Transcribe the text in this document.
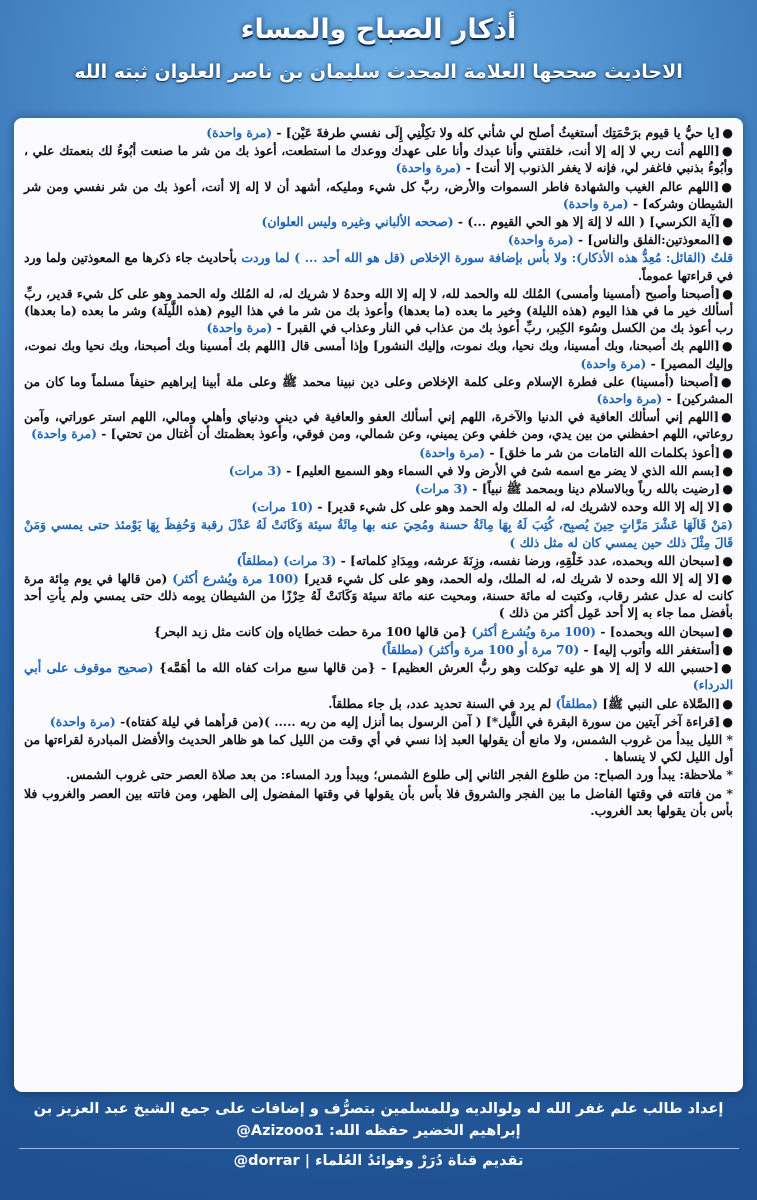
أذكار الصباح والمساء
الاحاديث صححها العلامة المحدث سليمان بن ناصر العلوان ثبته الله
●[يا حيُّ يا قيوم برَحْمَتِك أستغيثُ أصلح لي شأني كله ولا تكِلْنِي إِلَى نفسي طرفةَ عَيْن] - (مرة واحدة)
●[اللهم أنت ربي لا إله إلا أنت، خلقتني وأنا عبدك وأنا على عهدك ووعدك ما استطعت، أعوذ بك من شر ما صنعت أبُوءُ لك بنعمتك علي ، وأبُوءُ بذنبي فاغفر لي، فإنه لا يغفر الذنوب إلا أنت] - (مرة واحدة)
●[اللهم عالم الغيب والشهادة فاطر السموات والأرض، ربَّ كل شيء ومليكه، أشهد أن لا إله إلا أنت، أعوذ بك من شر نفسي ومن شر الشيطان وشركه] - (مرة واحدة)
●[آية الكرسي] ( الله لا إلهَ إلا هو الحي القيوم ...) - (صححه الألباني وغيره وليس العلوان)
●[المعوذتين:الفلق والناس] - (مرة واحدة)
قلتُ (القائل: مُعِدُّ هذه الأذكار): ولا بأس بإضافة سورة الإخلاص (قل هو الله أحد ... ) لما وردت بأحاديث جاء ذكرها مع المعوذتين ولما ورد في قراءتها عموماً.
●[أصبحنا وأصبح (أمسينا وأمسى) المُلك لله والحمد لله، لا إله إلا الله وحدهُ لا شريك له، له المُلك وله الحمد وهو على كل شيء قدير، ربِّ أسألك خير ما في هذا اليوم (هذه الليلة) وخير ما بعده (ما بعدها) وأعوذ بك من شر ما في هذا اليوم (هذه اللَّيلَة) وشر ما بعده (ما بعدها) رب أعوذ بك من الكسل وسُوء الكِبر، ربِّ أعوذ بك من عذاب في النار وعذاب في القبر] - (مرة واحدة)
●[اللهم بك أصبحنا، وبك أمسينا، وبك نحيا، وبك نموت، وإليك النشور] وإذا أمسى قال [اللهم بك أمسينا وبك أصبحنا، وبك نحيا وبك نموت، وإليك المصير] - (مرة واحدة)
●[أصبحنا (أمسينا) على فطرة الإسلام وعلى كلمة الإخلاص وعلى دين نبينا محمد ﷺ وعلى ملة أبينا إبراهيم حنيفاً مسلماً وما كان من المشركين] - (مرة واحدة)
●[اللهم إني أسألك العافية في الدنيا والآخرة، اللهم إني أسألك العفو والعافية في ديني ودنياي وأهلي ومالي، اللهم استر عوراتي، وآمن روعاتي، اللهم احفظني من بين يدي، ومن خلفي وعن يميني، وعن شمالي، ومن فوقي، وأعوذ بعظمتك أن أغتال من تحتي] - (مرة واحدة)
●[أعوذ بكلمات الله التامات من شر ما خلق] - (مرة واحدة)
●[بسم الله الذي لا يضر مع اسمه شئ في الأرض ولا في السماء وهو السميع العليم] - (3 مرات)
●[رضيت بالله رباً وبالاسلام دينا وبمحمد ﷺ نبياً] - (3 مرات)
●[لا إله إلا الله وحده لاشريك له، له الملك وله الحمد وهو على كل شيء قدير] - (10 مرات)
(مَنْ قَالَهَا عَشْرَ مَرَّاتٍ حِينَ يُصبِح، كُتِبَ لَهُ بِهَا مِائَةُ حسنة ومُحِيَ عنه بها مِائَةُ سيئة وَكَانَتْ لَهُ عَدْلَ رقبة وَحُفِظَ بِهَا يَوْمئذ حتى يمسي وَمَنْ قَالَ مِثْلَ ذلك حين يمسي كان له مثل ذلك )
●[سبحان الله وبحمده، عدد خَلْقِهِ، ورضا نفسه، وزِنَةَ عرشه، ومِدَادِ كلماته] - (3 مرات) (مطلقاً)
●[لا إله إلا الله وحده لا شريك له، له الملك، وله الحمد، وهو على كل شيء قدير] (100 مرة ويُشرع أكثر) (من قالها في يوم مِائة مرة كانت له عدل عشر رقاب، وكتبت له مائة حسنة، ومحيت عنه مائة سيئة وَكَانَتْ لَهُ حِرْزًا من الشيطان يومه ذلك حتى يمسي ولم يأتِ أحد بأفضل مما جاء به إلا أحد عَمِل أكثر من ذلك )
●[سبحان الله وبحمده] - (100 مرة ويُشرع أكثر) {من قالها 100 مرة حطت خطاياه وإن كانت مثل زبد البحر}
●[أستغفر الله وأتوب إليه] - (70 مرة أو 100 مرة وأكثر) (مطلقاً)
●[حسبي الله لا إله إلا هو عليه توكلت وهو ربُّ العرش العظيم] - {من قالها سبع مرات كفاه الله ما أهَمَّه} (صحيح موقوف على أبي الدرداء)
●[الصَّلاة على النبي ﷺ] (مطلقاً) لم يرد في السنة تحديد عدد، بل جاء مطلقاً.
●[قراءة آخر آيتين من سورة البقرة في اللَّيل*] ( آمن الرسول بما أنزل إليه من ربه ..... )(من قرأهما في ليلة كفتاه)- (مرة واحدة)
* الليل يبدأ من غروب الشمس، ولا مانع أن يقولها العبد إذا نسي في أي وقت من الليل كما هو ظاهر الحديث والأفضل المبادرة لقراءتها من أول الليل لكي لا ينساها .
* ملاحظة: يبدأ ورد الصباح: من طلوع الفجر الثاني إلى طلوع الشمس؛ ويبدأ ورد المساء: من بعد صلاة العصر حتى غروب الشمس.
* من فاتته في وقتها الفاضل ما بين الفجر والشروق فلا بأس بأن يقولها في وقتها المفضول إلى الظهر، ومن فاتته بين العصر والغروب فلا بأس بأن يقولها بعد الغروب.
إعداد طالب علم غفر الله له ولوالديه وللمسلمين بتصرُّف و إضافات على جمع الشيخ عبد العزيز بن
إبراهيم الخضير حفظه الله: Azizooo1@
تقديم قناة دُرَرْ وفوائدُ العُلماء | dorrar@
